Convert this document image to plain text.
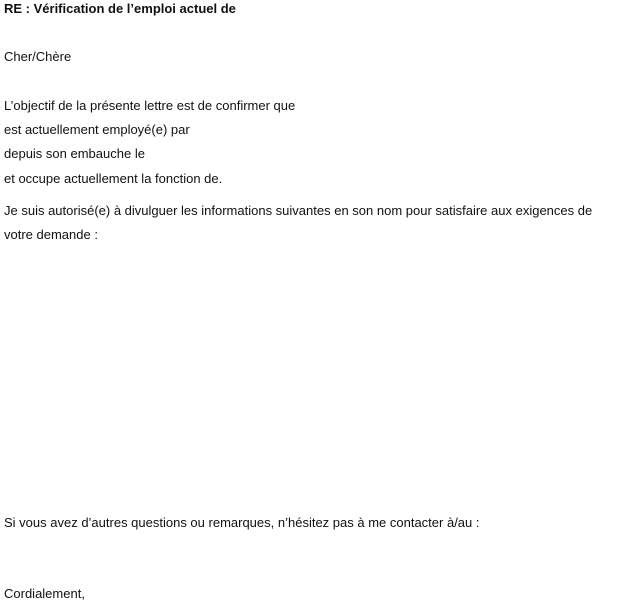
RE : Vérification de l’emploi actuel de
Cher/Chère
L’objectif de la présente lettre est de confirmer que
est actuellement employé(e) par
depuis son embauche le
et occupe actuellement la fonction de.
Je suis autorisé(e) à divulguer les informations suivantes en son nom pour satisfaire aux exigences de
votre demande :
Si vous avez d’autres questions ou remarques, n’hésitez pas à me contacter à/au :
Cordialement,
